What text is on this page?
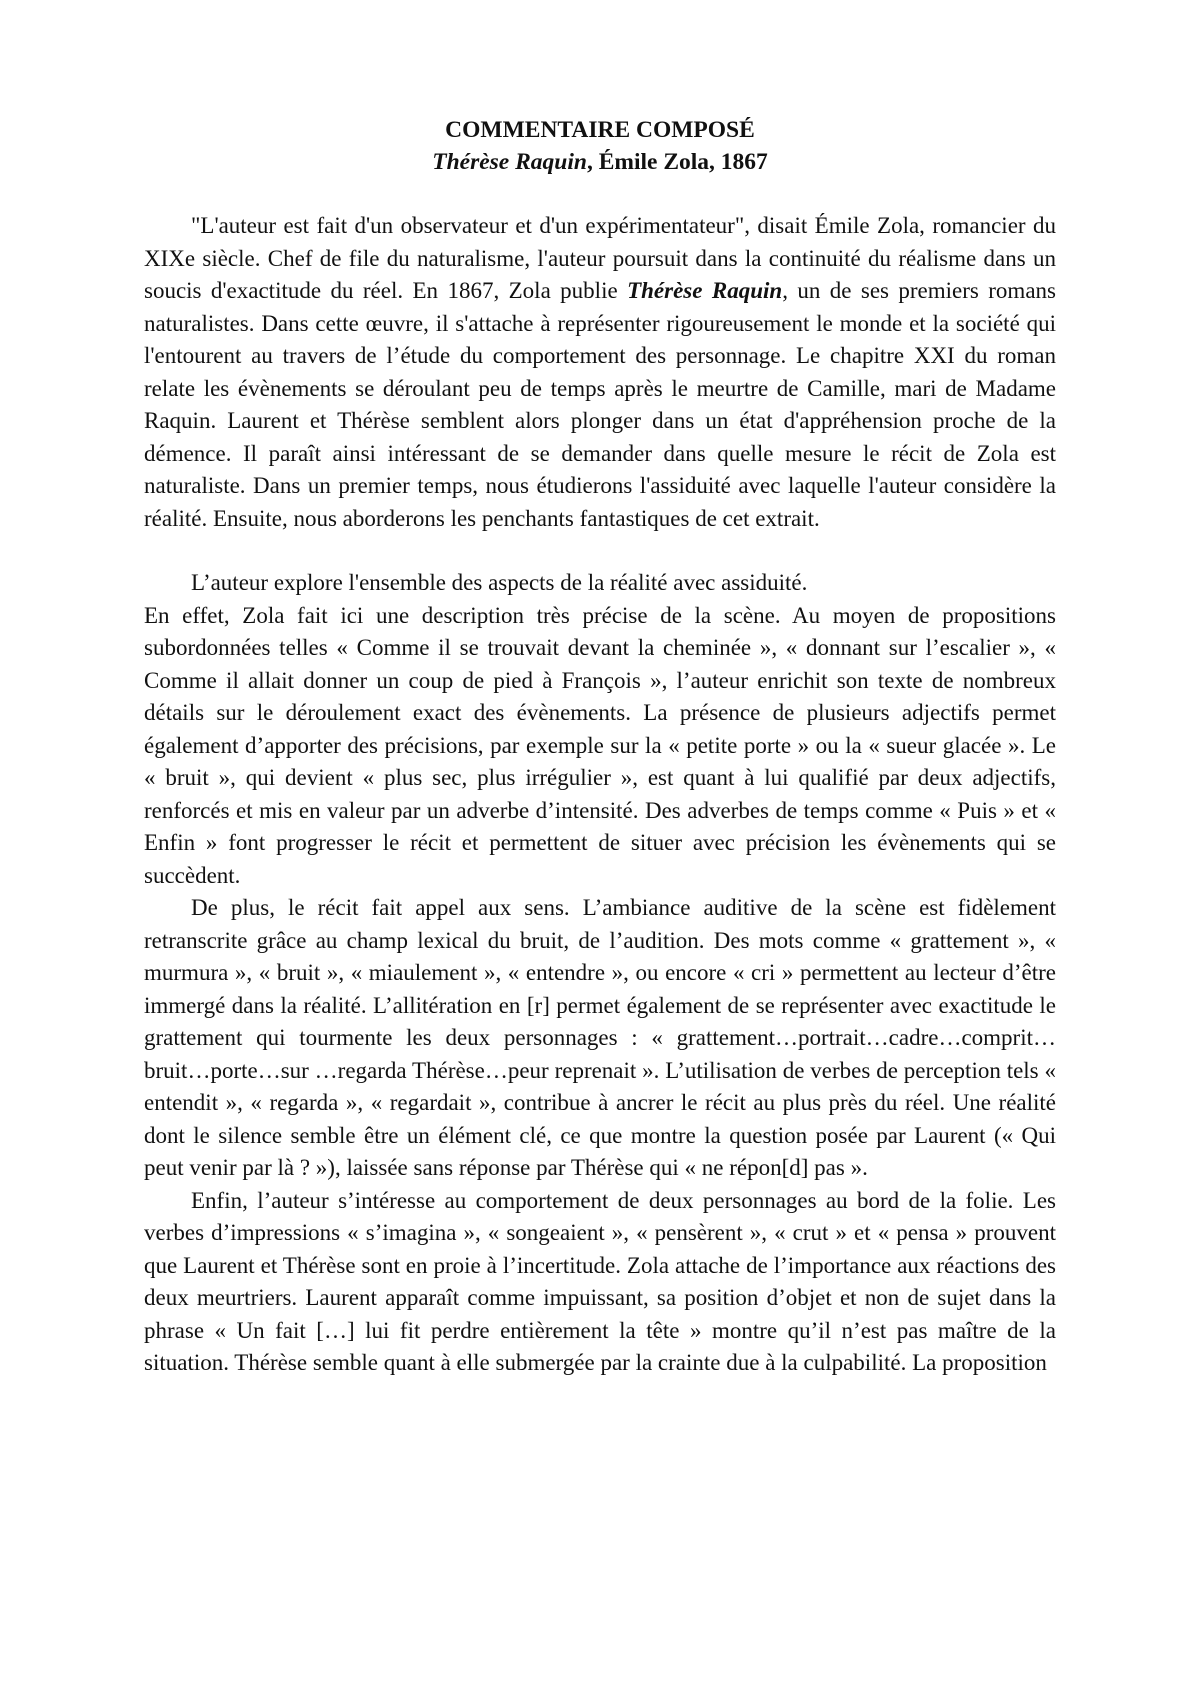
COMMENTAIRE COMPOSÉ
Thérèse Raquin, Émile Zola, 1867

"L'auteur est fait d'un observateur et d'un expérimentateur", disait Émile Zola, romancier du XIXe siècle. Chef de file du naturalisme, l'auteur poursuit dans la continuité du réalisme dans un soucis d'exactitude du réel. En 1867, Zola publie Thérèse Raquin, un de ses premiers romans naturalistes. Dans cette œuvre, il s'attache à représenter rigoureusement le monde et la société qui l'entourent au travers de l’étude du comportement des personnage. Le chapitre XXI du roman relate les évènements se déroulant peu de temps après le meurtre de Camille, mari de Madame Raquin. Laurent et Thérèse semblent alors plonger dans un état d'appréhension proche de la démence. Il paraît ainsi intéressant de se demander dans quelle mesure le récit de Zola est naturaliste. Dans un premier temps, nous étudierons l'assiduité avec laquelle l'auteur considère la réalité. Ensuite, nous aborderons les penchants fantastiques de cet extrait.

L’auteur explore l'ensemble des aspects de la réalité avec assiduité.

En effet, Zola fait ici une description très précise de la scène. Au moyen de propositions subordonnées telles « Comme il se trouvait devant la cheminée », « donnant sur l’escalier », « Comme il allait donner un coup de pied à François », l’auteur enrichit son texte de nombreux détails sur le déroulement exact des évènements. La présence de plusieurs adjectifs permet également d’apporter des précisions, par exemple sur la « petite porte » ou la « sueur glacée ». Le « bruit », qui devient « plus sec, plus irrégulier », est quant à lui qualifié par deux adjectifs, renforcés et mis en valeur par un adverbe d’intensité. Des adverbes de temps comme « Puis » et « Enfin » font progresser le récit et permettent de situer avec précision les évènements qui se succèdent.

De plus, le récit fait appel aux sens. L’ambiance auditive de la scène est fidèlement retranscrite grâce au champ lexical du bruit, de l’audition. Des mots comme « grattement », « murmura », « bruit », « miaulement », « entendre », ou encore « cri » permettent au lecteur d’être immergé dans la réalité. L’allitération en [r] permet également de se représenter avec exactitude le grattement qui tourmente les deux personnages : « grattement…portrait…cadre…comprit…bruit…porte…sur …regarda Thérèse…peur reprenait ». L’utilisation de verbes de perception tels « entendit », « regarda », « regardait », contribue à ancrer le récit au plus près du réel. Une réalité dont le silence semble être un élément clé, ce que montre la question posée par Laurent (« Qui peut venir par là ? »), laissée sans réponse par Thérèse qui « ne répon[d] pas ».

Enfin, l’auteur s’intéresse au comportement de deux personnages au bord de la folie. Les verbes d’impressions « s’imagina », « songeaient », « pensèrent », « crut » et « pensa » prouvent que Laurent et Thérèse sont en proie à l’incertitude. Zola attache de l’importance aux réactions des deux meurtriers. Laurent apparaît comme impuissant, sa position d’objet et non de sujet dans la phrase « Un fait […] lui fit perdre entièrement la tête » montre qu’il n’est pas maître de la situation. Thérèse semble quant à elle submergée par la crainte due à la culpabilité. La proposition
